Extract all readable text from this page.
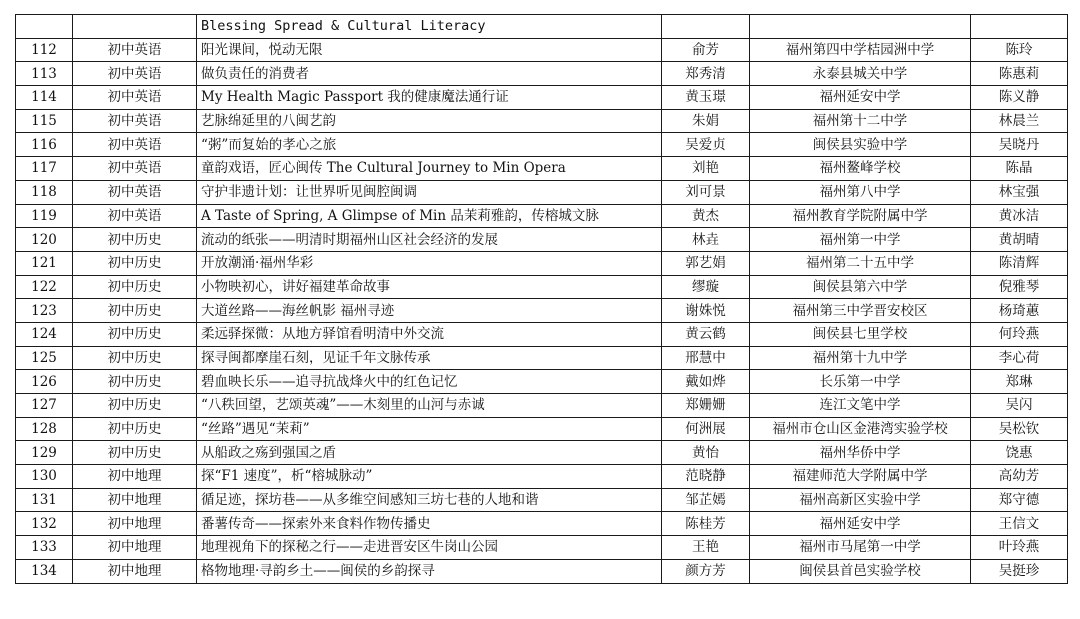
		Blessing Spread & Cultural Literacy			
112	初中英语	阳光课间，悦动无限	俞芳	福州第四中学桔园洲中学	陈玲
113	初中英语	做负责任的消费者	郑秀清	永泰县城关中学	陈惠莉
114	初中英语	My Health Magic Passport 我的健康魔法通行证	黄玉璟	福州延安中学	陈义静
115	初中英语	艺脉绵延里的八闽艺韵	朱娟	福州第十二中学	林晨兰
116	初中英语	“粥”而复始的孝心之旅	吴爱贞	闽侯县实验中学	吴晓丹
117	初中英语	童韵戏语，匠心闽传 The Cultural Journey to Min Opera	刘艳	福州鳌峰学校	陈晶
118	初中英语	守护非遗计划：让世界听见闽腔闽调	刘可景	福州第八中学	林宝强
119	初中英语	A Taste of Spring, A Glimpse of Min 品茉莉雅韵，传榕城文脉	黄杰	福州教育学院附属中学	黄冰洁
120	初中历史	流动的纸张——明清时期福州山区社会经济的发展	林垚	福州第一中学	黄胡晴
121	初中历史	开放潮涌·福州华彩	郭艺娟	福州第二十五中学	陈清辉
122	初中历史	小物映初心，讲好福建革命故事	缪璇	闽侯县第六中学	倪雅琴
123	初中历史	大道丝路——海丝帆影 福州寻迹	谢姝悦	福州第三中学晋安校区	杨琦蕙
124	初中历史	柔远驿探微：从地方驿馆看明清中外交流	黄云鹤	闽侯县七里学校	何玲燕
125	初中历史	探寻闽都摩崖石刻，见证千年文脉传承	邢慧中	福州第十九中学	李心荷
126	初中历史	碧血映长乐——追寻抗战烽火中的红色记忆	戴如烨	长乐第一中学	郑琳
127	初中历史	“八秩回望，艺颂英魂”——木刻里的山河与赤诚	郑姗姗	连江文笔中学	吴闪
128	初中历史	“丝路”遇见“茉莉”	何洲展	福州市仓山区金港湾实验学校	吴松钦
129	初中历史	从船政之殇到强国之盾	黄怡	福州华侨中学	饶惠
130	初中地理	探“F1 速度”，析“榕城脉动”	范晓静	福建师范大学附属中学	高幼芳
131	初中地理	循足迹，探坊巷——从多维空间感知三坊七巷的人地和谐	邹芷嫣	福州高新区实验中学	郑守德
132	初中地理	番薯传奇——探索外来食料作物传播史	陈桂芳	福州延安中学	王信文
133	初中地理	地理视角下的探秘之行——走进晋安区牛岗山公园	王艳	福州市马尾第一中学	叶玲燕
134	初中地理	格物地理·寻韵乡土——闽侯的乡韵探寻	颜方芳	闽侯县首邑实验学校	吴挺珍
